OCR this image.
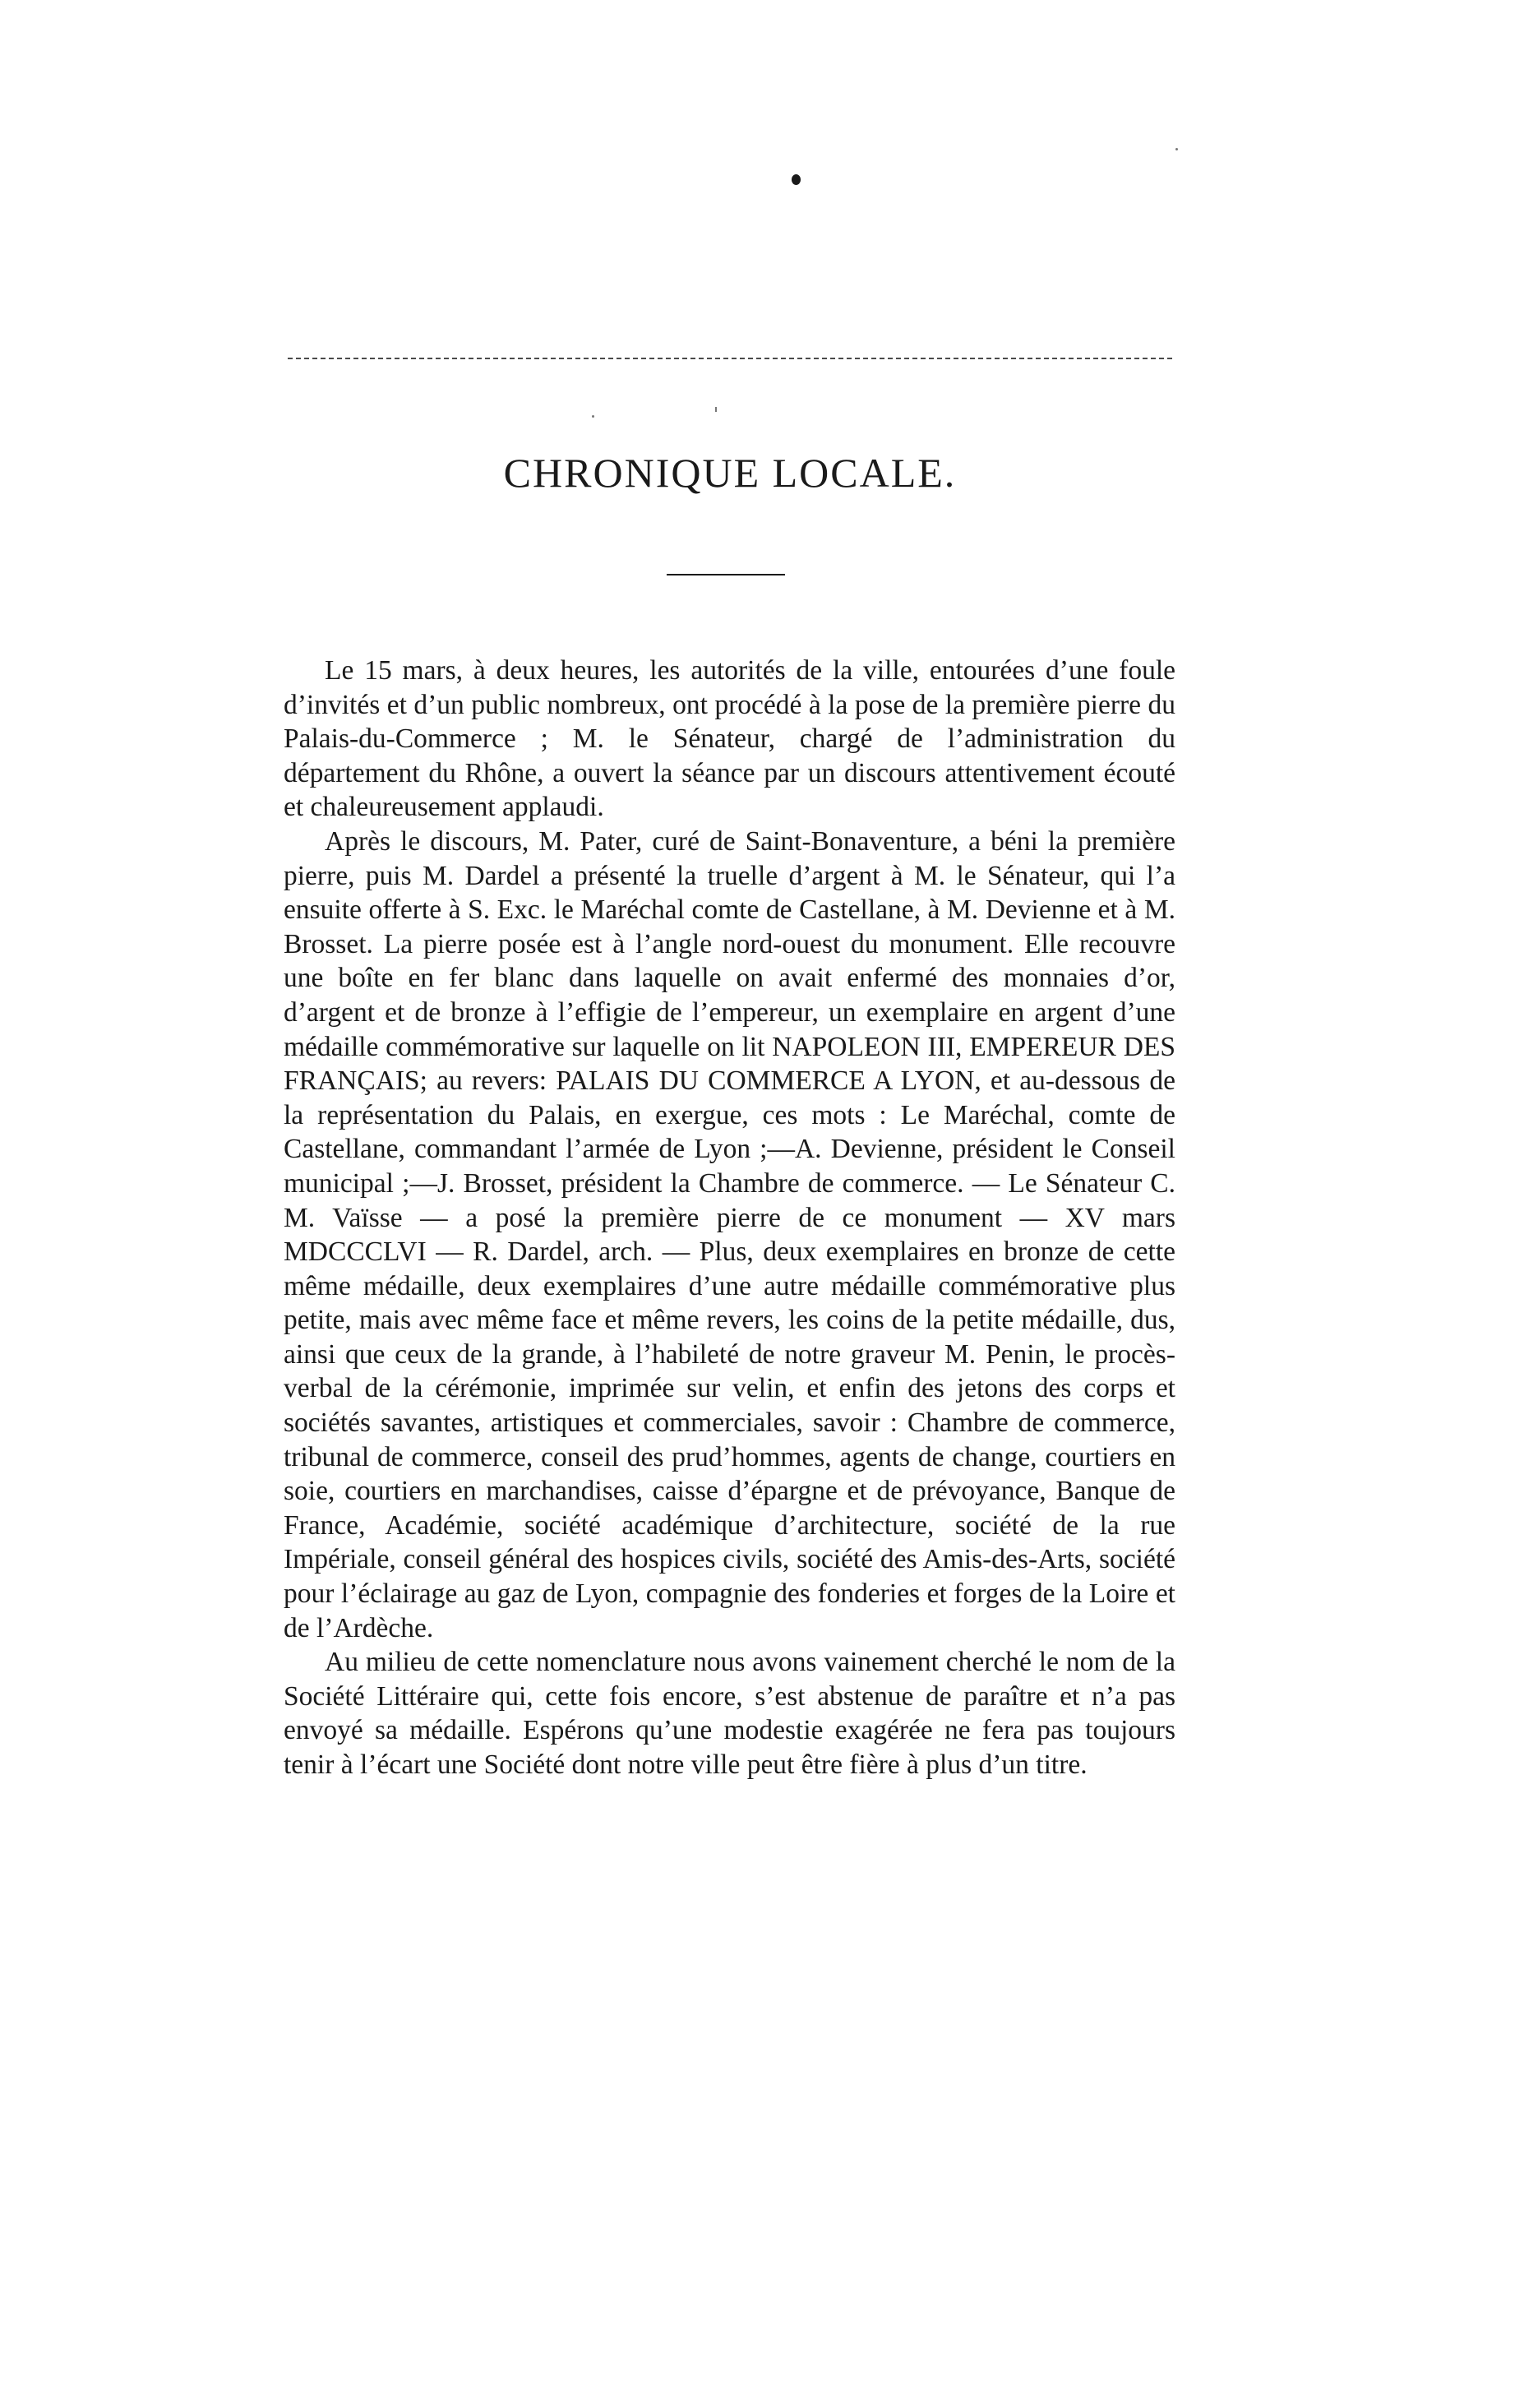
CHRONIQUE LOCALE.

Le 15 mars, à deux heures, les autorités de la ville, entourées d’une foule d’invités et d’un public nombreux, ont procédé à la pose de la première pierre du Palais-du-Commerce ; M. le Sénateur, chargé de l’administration du département du Rhône, a ouvert la séance par un discours attentivement écouté et chaleureusement applaudi.

Après le discours, M. Pater, curé de Saint-Bonaventure, a béni la première pierre, puis M. Dardel a présenté la truelle d’argent à M. le Sénateur, qui l’a ensuite offerte à S. Exc. le Maréchal comte de Castellane, à M. Devienne et à M. Brosset. La pierre posée est à l’angle nord-ouest du monument. Elle recouvre une boîte en fer blanc dans laquelle on avait enfermé des monnaies d’or, d’argent et de bronze à l’effigie de l’empereur, un exemplaire en argent d’une médaille commémorative sur laquelle on lit NAPOLEON III, EMPEREUR DES FRANÇAIS; au revers: PALAIS DU COMMERCE A LYON, et au-dessous de la représentation du Palais, en exergue, ces mots : Le Maréchal, comte de Castellane, commandant l’armée de Lyon ;—A. Devienne, président le Conseil municipal ;—J. Brosset, président la Chambre de commerce. — Le Sénateur C. M. Vaïsse — a posé la première pierre de ce monument — XV mars MDCCCLVI — R. Dardel, arch. — Plus, deux exemplaires en bronze de cette même médaille, deux exemplaires d’une autre médaille commémorative plus petite, mais avec même face et même revers, les coins de la petite médaille, dus, ainsi que ceux de la grande, à l’habileté de notre graveur M. Penin, le procès-verbal de la cérémonie, imprimée sur velin, et enfin des jetons des corps et sociétés savantes, artistiques et commerciales, savoir : Chambre de commerce, tribunal de commerce, conseil des prud’hommes, agents de change, courtiers en soie, courtiers en marchandises, caisse d’épargne et de prévoyance, Banque de France, Académie, société académique d’architecture, société de la rue Impériale, conseil général des hospices civils, société des Amis-des-Arts, société pour l’éclairage au gaz de Lyon, compagnie des fonderies et forges de la Loire et de l’Ardèche.

Au milieu de cette nomenclature nous avons vainement cherché le nom de la Société Littéraire qui, cette fois encore, s’est abstenue de paraître et n’a pas envoyé sa médaille. Espérons qu’une modestie exagérée ne fera pas toujours tenir à l’écart une Société dont notre ville peut être fière à plus d’un titre.
